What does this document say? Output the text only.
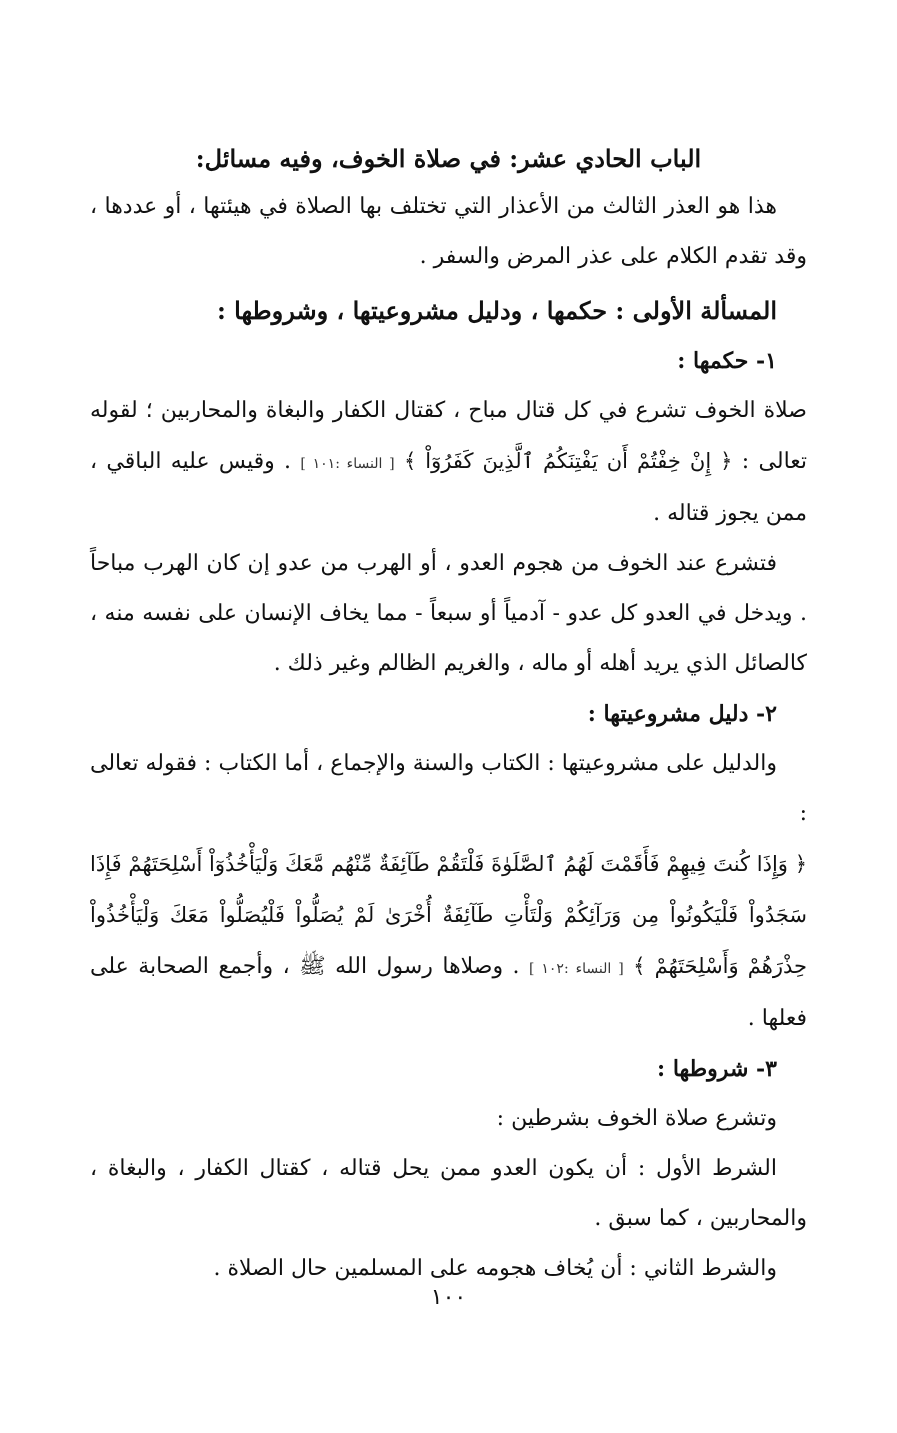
الباب الحادي عشر: في صلاة الخوف، وفيه مسائل:

هذا هو العذر الثالث من الأعذار التي تختلف بها الصلاة في هيئتها ، أو عددها ، وقد تقدم الكلام على عذر المرض والسفر .

المسألة الأولى : حكمها ، ودليل مشروعيتها ، وشروطها :

١- حكمها :

صلاة الخوف تشرع في كل قتال مباح ، كقتال الكفار والبغاة والمحاربين ؛ لقوله تعالى : ﴿ إِنْ خِفْتُمْ أَن يَفْتِنَكُمُ ٱلَّذِينَ كَفَرُوٓاْ ﴾ [ النساء :١٠١ ] . وقيس عليه الباقي ، ممن يجوز قتاله .

فتشرع عند الخوف من هجوم العدو ، أو الهرب من عدو إن كان الهرب مباحاً . ويدخل في العدو كل عدو - آدمياً أو سبعاً - مما يخاف الإنسان على نفسه منه ، كالصائل الذي يريد أهله أو ماله ، والغريم الظالم وغير ذلك .

٢- دليل مشروعيتها :

والدليل على مشروعيتها : الكتاب والسنة والإجماع ، أما الكتاب : فقوله تعالى :

﴿ وَإِذَا كُنتَ فِيهِمْ فَأَقَمْتَ لَهُمُ ٱلصَّلَوٰةَ فَلْتَقُمْ طَآئِفَةٌ مِّنْهُم مَّعَكَ وَلْيَأْخُذُوٓاْ أَسْلِحَتَهُمْ فَإِذَا سَجَدُواْ فَلْيَكُونُواْ مِن وَرَآئِكُمْ وَلْتَأْتِ طَآئِفَةٌ أُخْرَىٰ لَمْ يُصَلُّواْ فَلْيُصَلُّواْ مَعَكَ وَلْيَأْخُذُواْ حِذْرَهُمْ وَأَسْلِحَتَهُمْ ﴾ [ النساء :١٠٢ ] . وصلاها رسول الله ﷺ ، وأجمع الصحابة على فعلها .

٣- شروطها :

وتشرع صلاة الخوف بشرطين :

الشرط الأول : أن يكون العدو ممن يحل قتاله ، كقتال الكفار ، والبغاة ، والمحاربين ، كما سبق .

والشرط الثاني : أن يُخاف هجومه على المسلمين حال الصلاة .

١٠٠
